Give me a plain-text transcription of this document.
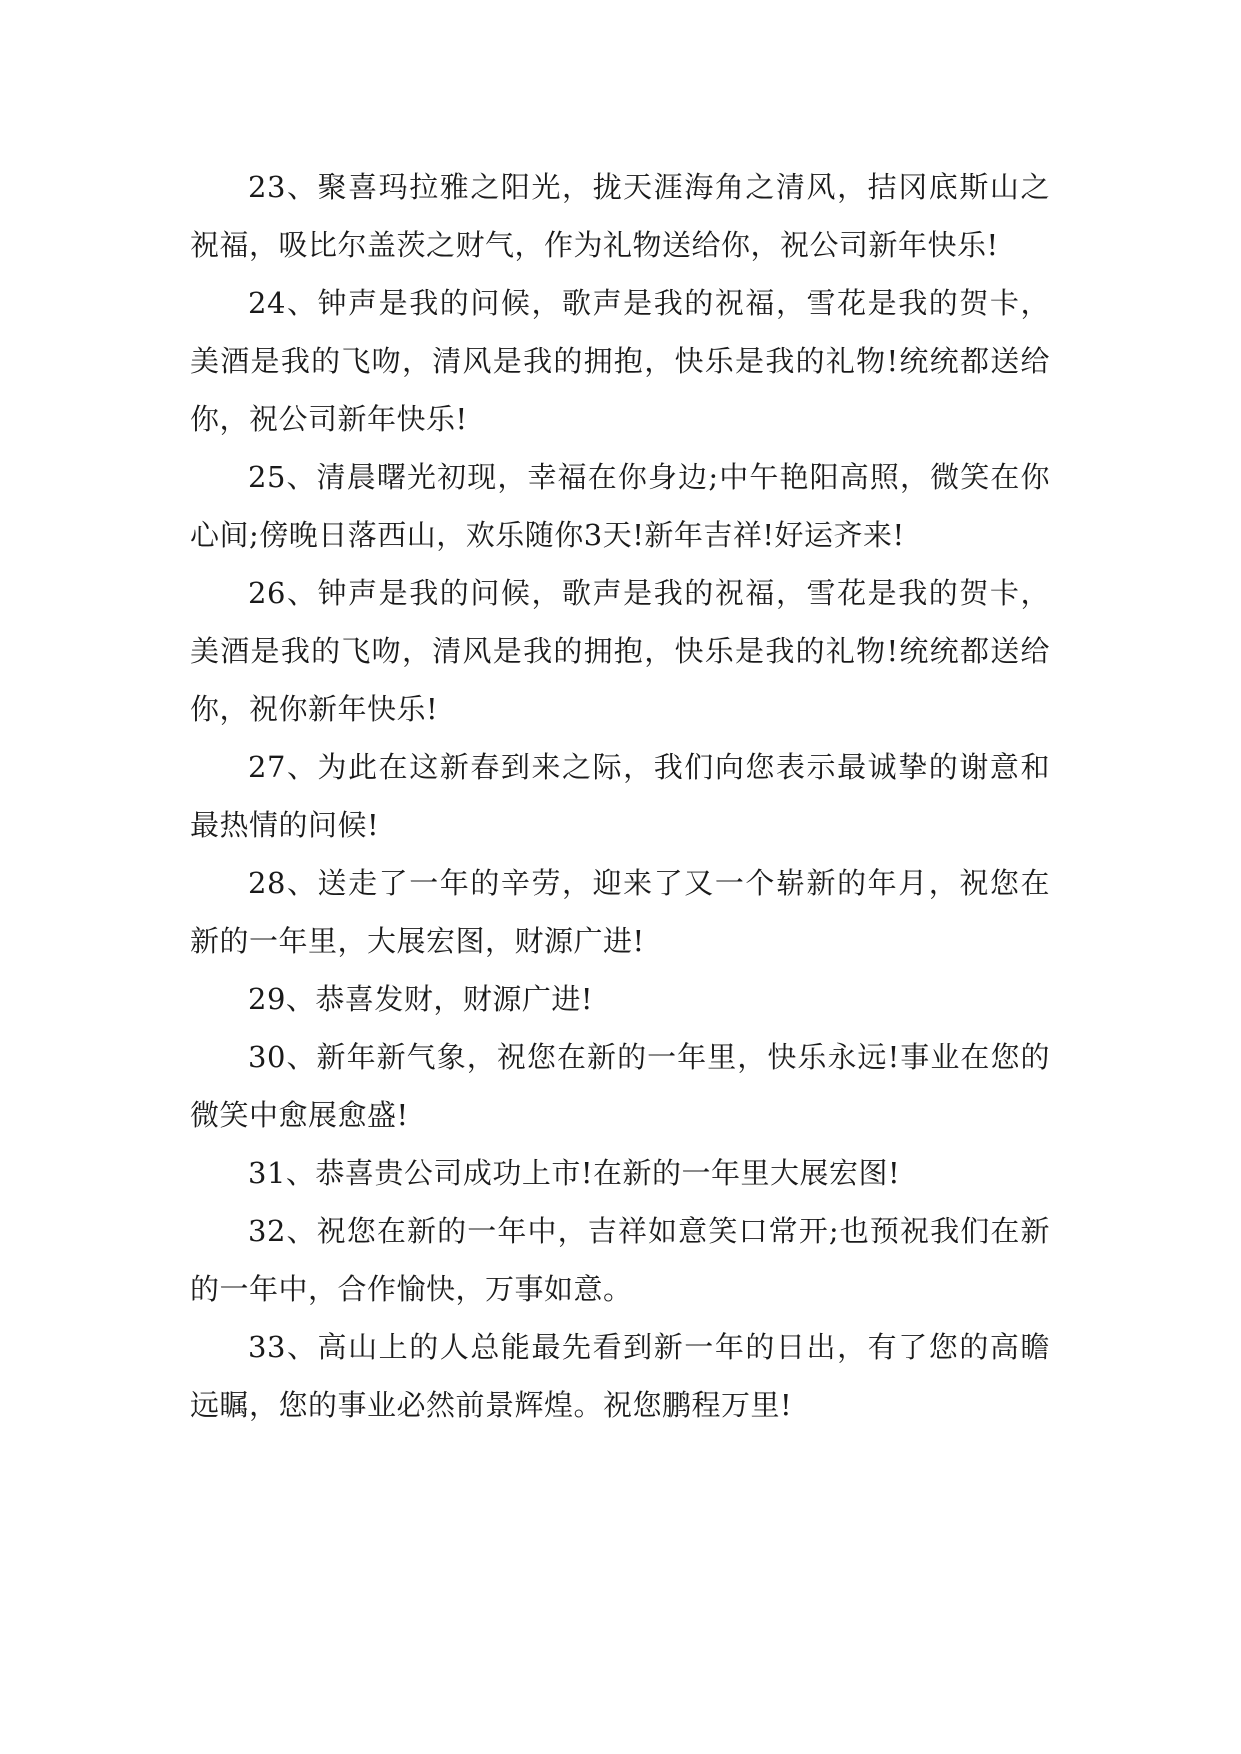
23、聚喜玛拉雅之阳光，拢天涯海角之清风，拮冈底斯山之祝福，吸比尔盖茨之财气，作为礼物送给你，祝公司新年快乐!

24、钟声是我的问候，歌声是我的祝福，雪花是我的贺卡，美酒是我的飞吻，清风是我的拥抱，快乐是我的礼物!统统都送给你，祝公司新年快乐!

25、清晨曙光初现，幸福在你身边;中午艳阳高照，微笑在你心间;傍晚日落西山，欢乐随你3天!新年吉祥!好运齐来!

26、钟声是我的问候，歌声是我的祝福，雪花是我的贺卡，美酒是我的飞吻，清风是我的拥抱，快乐是我的礼物!统统都送给你，祝你新年快乐!

27、为此在这新春到来之际，我们向您表示最诚挚的谢意和最热情的问候!

28、送走了一年的辛劳，迎来了又一个崭新的年月，祝您在新的一年里，大展宏图，财源广进!

29、恭喜发财，财源广进!

30、新年新气象，祝您在新的一年里，快乐永远!事业在您的微笑中愈展愈盛!

31、恭喜贵公司成功上市!在新的一年里大展宏图!

32、祝您在新的一年中，吉祥如意笑口常开;也预祝我们在新的一年中，合作愉快，万事如意。

33、高山上的人总能最先看到新一年的日出，有了您的高瞻远瞩，您的事业必然前景辉煌。祝您鹏程万里!
